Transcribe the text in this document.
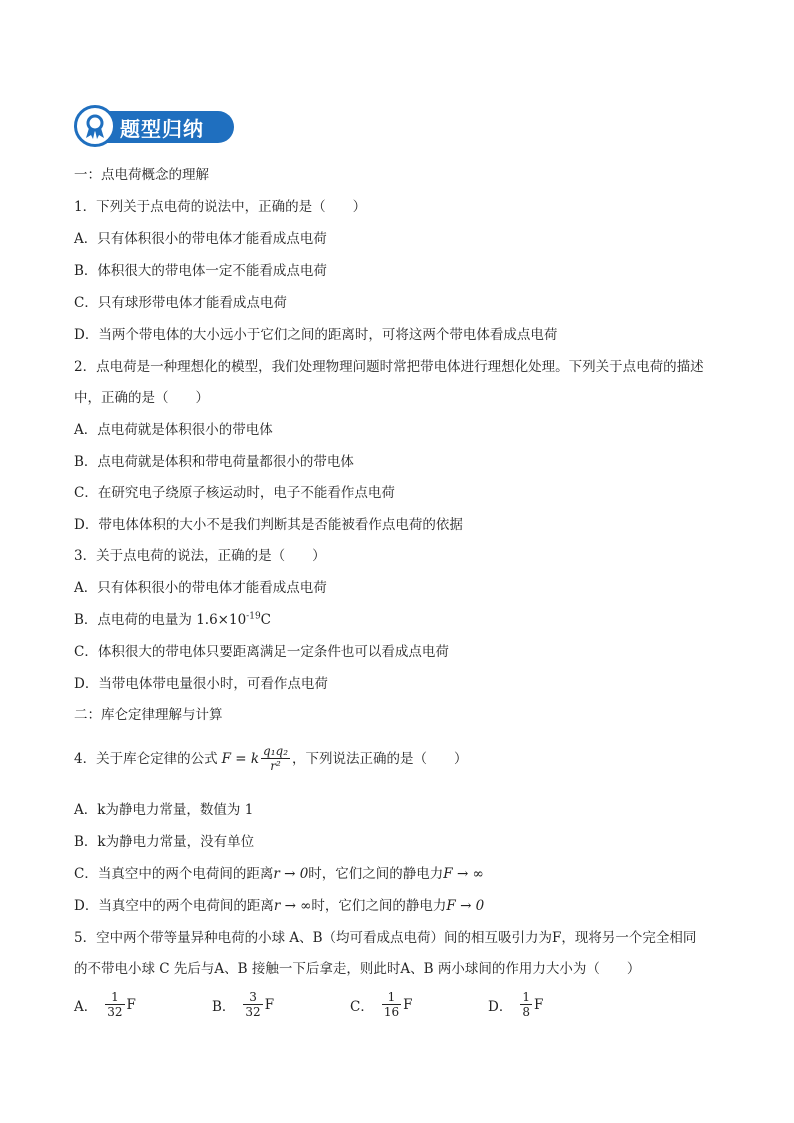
题型归纳
一：点电荷概念的理解
1．下列关于点电荷的说法中，正确的是（　　）
A．只有体积很小的带电体才能看成点电荷
B．体积很大的带电体一定不能看成点电荷
C．只有球形带电体才能看成点电荷
D．当两个带电体的大小远小于它们之间的距离时，可将这两个带电体看成点电荷
2．点电荷是一种理想化的模型，我们处理物理问题时常把带电体进行理想化处理。下列关于点电荷的描述
中，正确的是（　　）
A．点电荷就是体积很小的带电体
B．点电荷就是体积和带电荷量都很小的带电体
C．在研究电子绕原子核运动时，电子不能看作点电荷
D．带电体体积的大小不是我们判断其是否能被看作点电荷的依据
3．关于点电荷的说法，正确的是（　　）
A．只有体积很小的带电体才能看成点电荷
B．点电荷的电量为 $1.6\times 10^{-19}C$
C．体积很大的带电体只要距离满足一定条件也可以看成点电荷
D．当带电体带电量很小时，可看作点电荷
二：库仑定律理解与计算
4．关于库仑定律的公式 F = k $\frac{\text{q₁q₂}}{\text{r²}}$ ，下列说法正确的是（　　）
A．k为静电力常量，数值为 1
B．k为静电力常量，没有单位
C．当真空中的两个电荷间的距离r → 0时，它们之间的静电力F → ∞
D．当真空中的两个电荷间的距离r → ∞时，它们之间的静电力F → 0
5．空中两个带等量异种电荷的小球 A、B（均可看成点电荷）间的相互吸引力为F，现将另一个完全相同
的不带电小球 C 先后与A、B 接触一下后拿走，则此时A、B 两小球间的作用力大小为（　　）
A． $\frac{1}{32}$ F	B． $\frac{3}{32}$ F	C． $\frac{1}{16}$ F	D． $\frac{1}{8}$ F
